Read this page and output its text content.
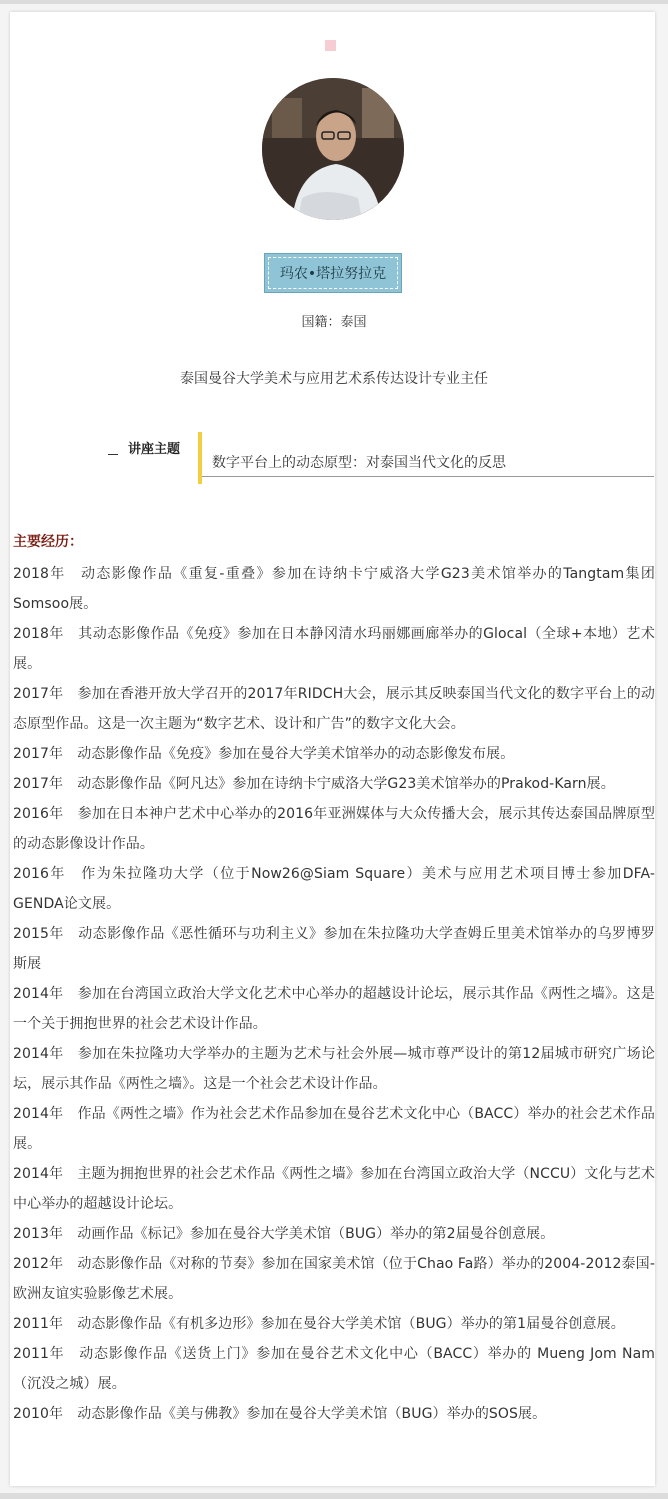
玛农•塔拉努拉克
国籍：泰国
泰国曼谷大学美术与应用艺术系传达设计专业主任
讲座主题
数字平台上的动态原型：对泰国当代文化的反思
主要经历：
2018年　动态影像作品《重复-重叠》参加在诗纳卡宁威洛大学G23美术馆举办的Tangtam集团Somsoo展。
2018年　其动态影像作品《免疫》参加在日本静冈清水玛丽娜画廊举办的Glocal（全球+本地）艺术展。
2017年　参加在香港开放大学召开的2017年RIDCH大会，展示其反映泰国当代文化的数字平台上的动态原型作品。这是一次主题为“数字艺术、设计和广告”的数字文化大会。
2017年　动态影像作品《免疫》参加在曼谷大学美术馆举办的动态影像发布展。
2017年　动态影像作品《阿凡达》参加在诗纳卡宁威洛大学G23美术馆举办的Prakod-Karn展。
2016年　参加在日本神户艺术中心举办的2016年亚洲媒体与大众传播大会，展示其传达泰国品牌原型的动态影像设计作品。
2016年　作为朱拉隆功大学（位于Now26@Siam Square）美术与应用艺术项目博士参加DFA-GENDA论文展。
2015年　动态影像作品《恶性循环与功利主义》参加在朱拉隆功大学查姆丘里美术馆举办的乌罗博罗斯展
2014年　参加在台湾国立政治大学文化艺术中心举办的超越设计论坛，展示其作品《两性之墙》。这是一个关于拥抱世界的社会艺术设计作品。
2014年　参加在朱拉隆功大学举办的主题为艺术与社会外展—城市尊严设计的第12届城市研究广场论坛，展示其作品《两性之墙》。这是一个社会艺术设计作品。
2014年　作品《两性之墙》作为社会艺术作品参加在曼谷艺术文化中心（BACC）举办的社会艺术作品展。
2014年　主题为拥抱世界的社会艺术作品《两性之墙》参加在台湾国立政治大学（NCCU）文化与艺术中心举办的超越设计论坛。
2013年　动画作品《标记》参加在曼谷大学美术馆（BUG）举办的第2届曼谷创意展。
2012年　动态影像作品《对称的节奏》参加在国家美术馆（位于Chao Fa路）举办的2004-2012泰国-欧洲友谊实验影像艺术展。
2011年　动态影像作品《有机多边形》参加在曼谷大学美术馆（BUG）举办的第1届曼谷创意展。
2011年　动态影像作品《送货上门》参加在曼谷艺术文化中心（BACC）举办的 Mueng Jom Nam（沉没之城）展。
2010年　动态影像作品《美与佛教》参加在曼谷大学美术馆（BUG）举办的SOS展。
